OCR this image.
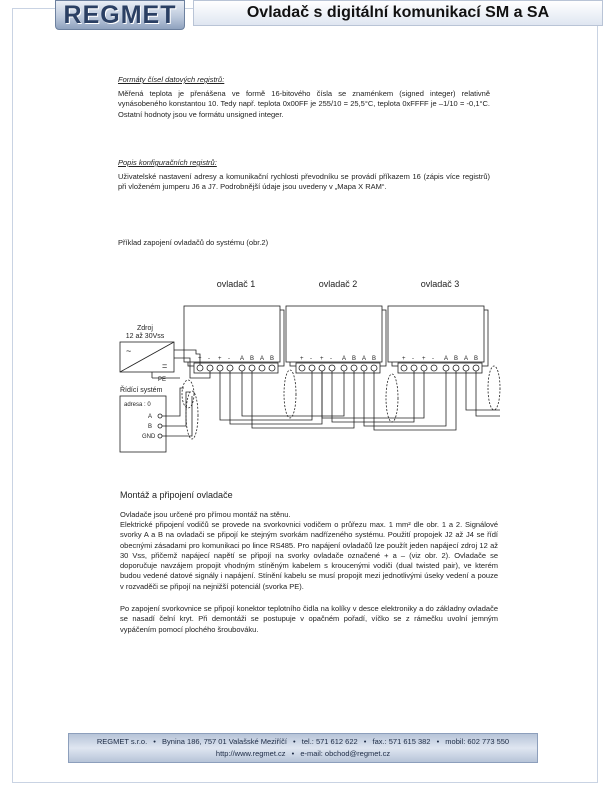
REGMET	Ovladač s digitální komunikací SM a SA
Formáty čísel datových registrů:
Měřená teplota je přenášena ve formě 16-bitového čísla se znaménkem (signed integer) relativně vynásobeného konstantou 10. Tedy např. teplota 0x00FF je 255/10 = 25,5°C, teplota 0xFFFF je –1/10 = -0,1°C. Ostatní hodnoty jsou ve formátu unsigned integer.
Popis konfiguračních registrů:
Uživatelské nastavení adresy a komunikační rychlosti převodníku se provádí příkazem 16 (zápis více registrů) při vloženém jumperu J6 a J7. Podrobnější údaje jsou uvedeny v „Mapa X RAM“.
Příklad zapojení ovladačů do systému (obr.2)
ovladač 1	ovladač 2	ovladač 3
+ - + - A B A B	+ - + - A B A B	+ - + - A B A B
Zdroj
12 až 30Vss
~
=
PE
Řídící systém
adresa : 0
A
B
GND
Montáž a připojení ovladače
Ovladače jsou určené pro přímou montáž na stěnu.
Elektrické připojení vodičů se provede na svorkovnici vodičem o průřezu max. 1 mm² dle obr. 1 a 2. Signálové svorky A a B na ovladači se připojí ke stejným svorkám nadřízeného systému. Použití propojek J2 až J4 se řídí obecnými zásadami pro komunikaci po lince RS485. Pro napájení ovladačů lze použít jeden napájecí zdroj 12 až 30 Vss, přičemž napájecí napětí se připojí na svorky ovladače označené + a – (viz obr. 2). Ovladače se doporučuje navzájem propojit vhodným stíněným kabelem s kroucenými vodiči (dual twisted pair), ve kterém budou vedené datové signály i napájení. Stínění kabelu se musí propojit mezi jednotlivými úseky vedení a pouze v rozvaděči se připojí na nejnižší potenciál (svorka PE).
Po zapojení svorkovnice se připojí konektor teplotního čidla na kolíky v desce elektroniky a do základny ovladače se nasadí čelní kryt. Při demontáži se postupuje v opačném pořadí, víčko se z rámečku uvolní jemným vypáčením pomocí plochého šroubováku.
REGMET s.r.o. • Bynina 186, 757 01 Valašské Meziříčí • tel.: 571 612 622 • fax.: 571 615 382 • mobil: 602 773 550
http://www.regmet.cz • e-mail: obchod@regmet.cz
